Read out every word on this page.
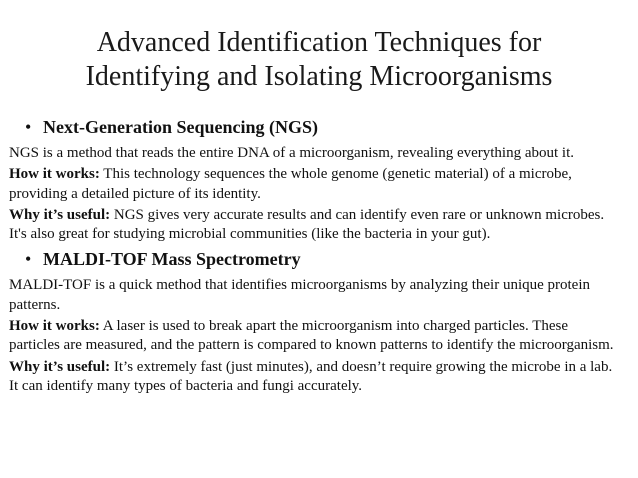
Advanced Identification Techniques for
Identifying and Isolating Microorganisms
• Next-Generation Sequencing (NGS)
NGS is a method that reads the entire DNA of a microorganism, revealing everything about it.
How it works: This technology sequences the whole genome (genetic material) of a microbe, providing a detailed picture of its identity.
Why it’s useful: NGS gives very accurate results and can identify even rare or unknown microbes. It's also great for studying microbial communities (like the bacteria in your gut).
• MALDI-TOF Mass Spectrometry
MALDI-TOF is a quick method that identifies microorganisms by analyzing their unique protein patterns.
How it works: A laser is used to break apart the microorganism into charged particles. These particles are measured, and the pattern is compared to known patterns to identify the microorganism.
Why it’s useful: It’s extremely fast (just minutes), and doesn’t require growing the microbe in a lab. It can identify many types of bacteria and fungi accurately.
